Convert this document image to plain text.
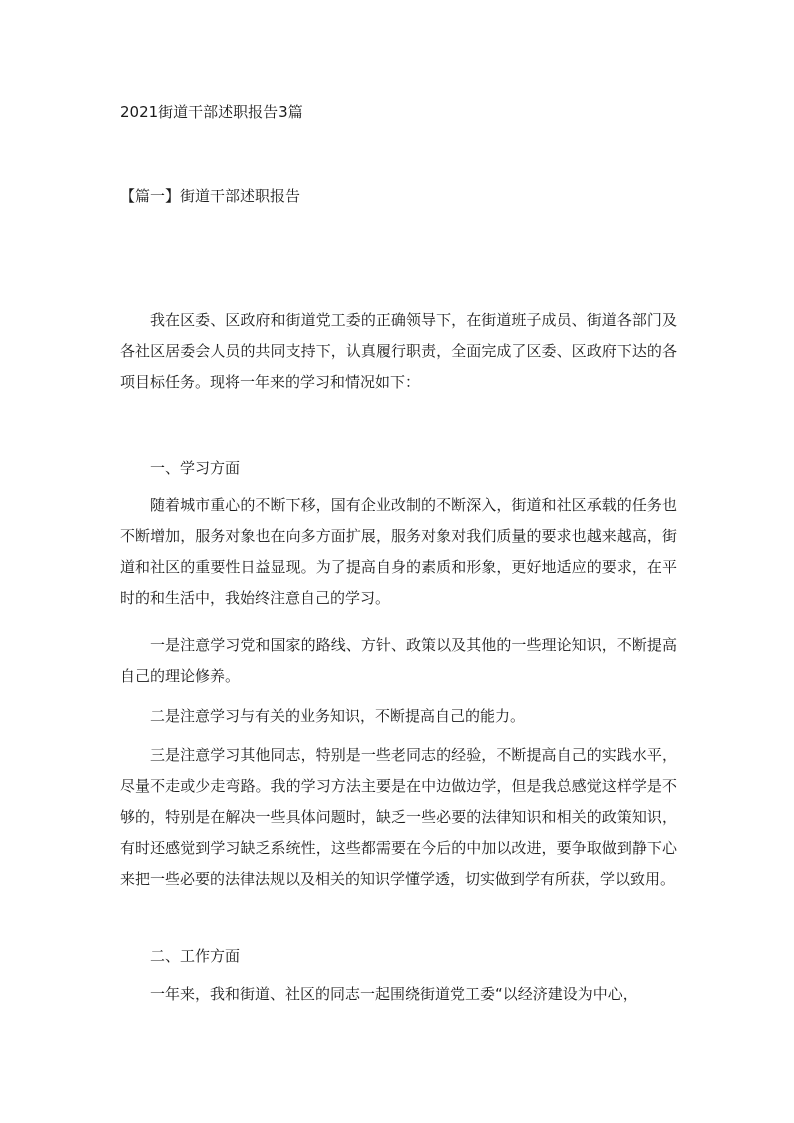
2021街道干部述职报告3篇
【篇一】街道干部述职报告

我在区委、区政府和街道党工委的正确领导下，在街道班子成员、街道各部门及各社区居委会人员的共同支持下，认真履行职责，全面完成了区委、区政府下达的各项目标任务。现将一年来的学习和情况如下：

一、学习方面

随着城市重心的不断下移，国有企业改制的不断深入，街道和社区承载的任务也不断增加，服务对象也在向多方面扩展，服务对象对我们质量的要求也越来越高，街道和社区的重要性日益显现。为了提高自身的素质和形象，更好地适应的要求，在平时的和生活中，我始终注意自己的学习。

一是注意学习党和国家的路线、方针、政策以及其他的一些理论知识，不断提高自己的理论修养。

二是注意学习与有关的业务知识，不断提高自己的能力。

三是注意学习其他同志，特别是一些老同志的经验，不断提高自己的实践水平，尽量不走或少走弯路。我的学习方法主要是在中边做边学，但是我总感觉这样学是不够的，特别是在解决一些具体问题时，缺乏一些必要的法律知识和相关的政策知识，有时还感觉到学习缺乏系统性，这些都需要在今后的中加以改进，要争取做到静下心来把一些必要的法律法规以及相关的知识学懂学透，切实做到学有所获，学以致用。

二、工作方面

一年来，我和街道、社区的同志一起围绕街道党工委“以经济建设为中心，
